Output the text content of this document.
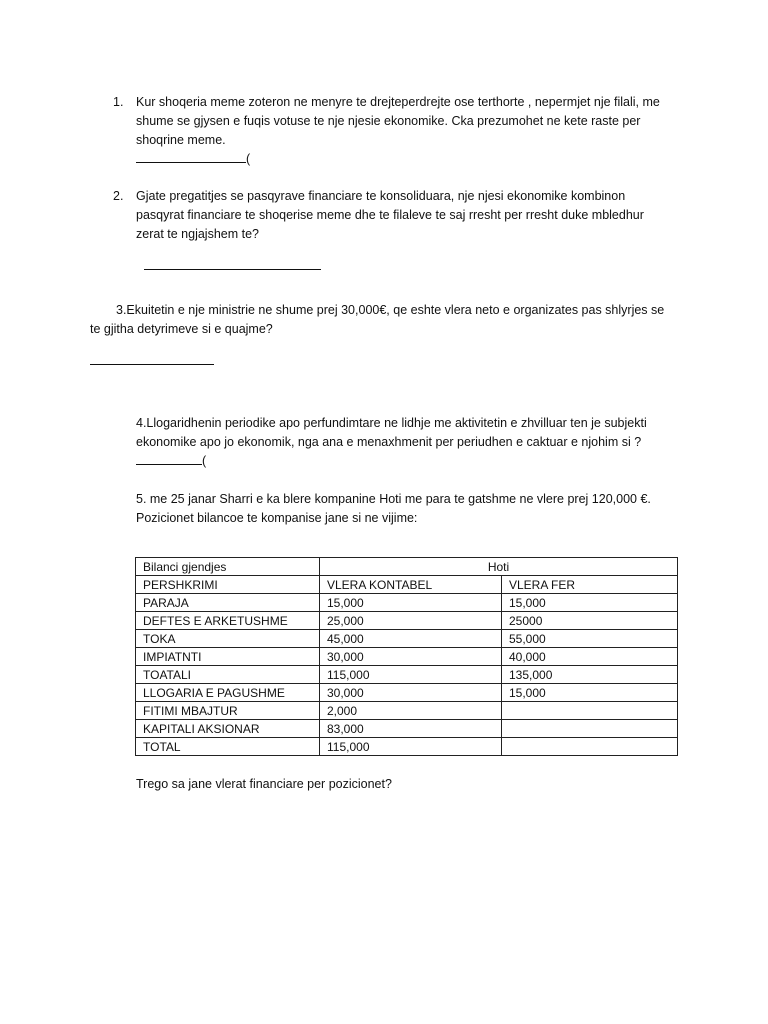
1. Kur shoqeria meme zoteron ne menyre te drejteperdrejte ose terthorte , nepermjet nje filali, me
shume se gjysen e fuqis votuse te nje njesie ekonomike. Cka prezumohet ne kete raste per
shoqrine meme.
(
2. Gjate pregatitjes se pasqyrave financiare te konsoliduara, nje njesi ekonomike kombinon
pasqyrat financiare te shoqerise meme dhe te filaleve te saj rresht per rresht duke mbledhur
zerat te ngjajshem te?
3.Ekuitetin e nje ministrie ne shume prej 30,000€, qe eshte vlera neto e organizates pas shlyrjes se
te gjitha detyrimeve si e quajme?
4.Llogaridhenin periodike apo perfundimtare ne lidhje me aktivitetin e zhvilluar ten je subjekti
ekonomike apo jo ekonomik, nga ana e menaxhmenit per periudhen e caktuar e njohim si ?
(
5. me 25 janar Sharri e ka blere kompanine Hoti me para te gatshme ne vlere prej 120,000 €.
Pozicionet bilancoe te kompanise jane si ne vijime:
Bilanci gjendjes	Hoti	
PERSHKRIMI	VLERA KONTABEL	VLERA FER
PARAJA	15,000	15,000
DEFTES E ARKETUSHME	25,000	25000
TOKA	45,000	55,000
IMPIATNTI	30,000	40,000
TOATALI	115,000	135,000
LLOGARIA E PAGUSHME	30,000	15,000
FITIMI MBAJTUR	2,000	
KAPITALI AKSIONAR	83,000	
TOTAL	115,000	
Trego sa jane vlerat financiare per pozicionet?
